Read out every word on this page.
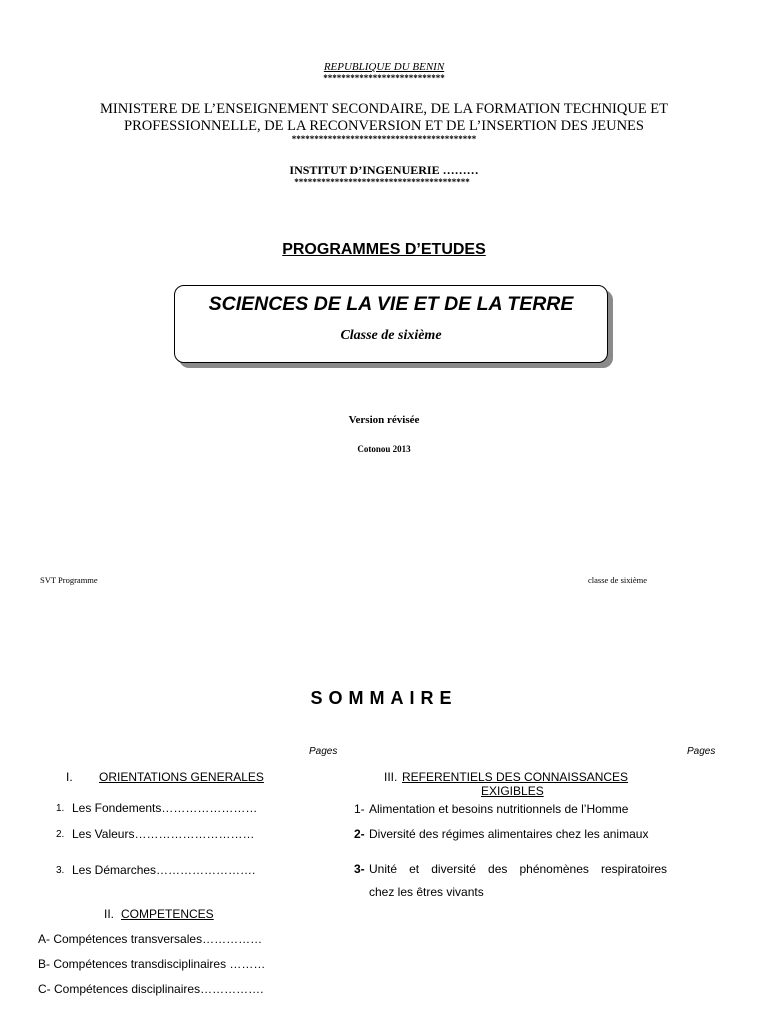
REPUBLIQUE DU BENIN
***************************
MINISTERE DE L’ENSEIGNEMENT SECONDAIRE, DE LA FORMATION TECHNIQUE ET PROFESSIONNELLE, DE LA RECONVERSION ET DE L’INSERTION DES JEUNES
*****************************************
INSTITUT D’INGENUERIE ………
***************************************
PROGRAMMES D’ETUDES
SCIENCES DE LA VIE ET DE LA TERRE
Classe de sixième
Version révisée
Cotonou 2013
SVT Programme	classe de sixième
SOMMAIRE
Pages	Pages
I. ORIENTATIONS GENERALES
1. Les Fondements……………………
2. Les Valeurs…………………………
3. Les Démarches…………………….
II. COMPETENCES
A- Compétences transversales……………
B- Compétences transdisciplinaires ………
C- Compétences disciplinaires…………….
III. REFERENTIELS DES CONNAISSANCES
EXIGIBLES
1- Alimentation et besoins nutritionnels de l’Homme
2- Diversité des régimes alimentaires chez les animaux
3- Unité et diversité des phénomènes respiratoires
chez les êtres vivants
